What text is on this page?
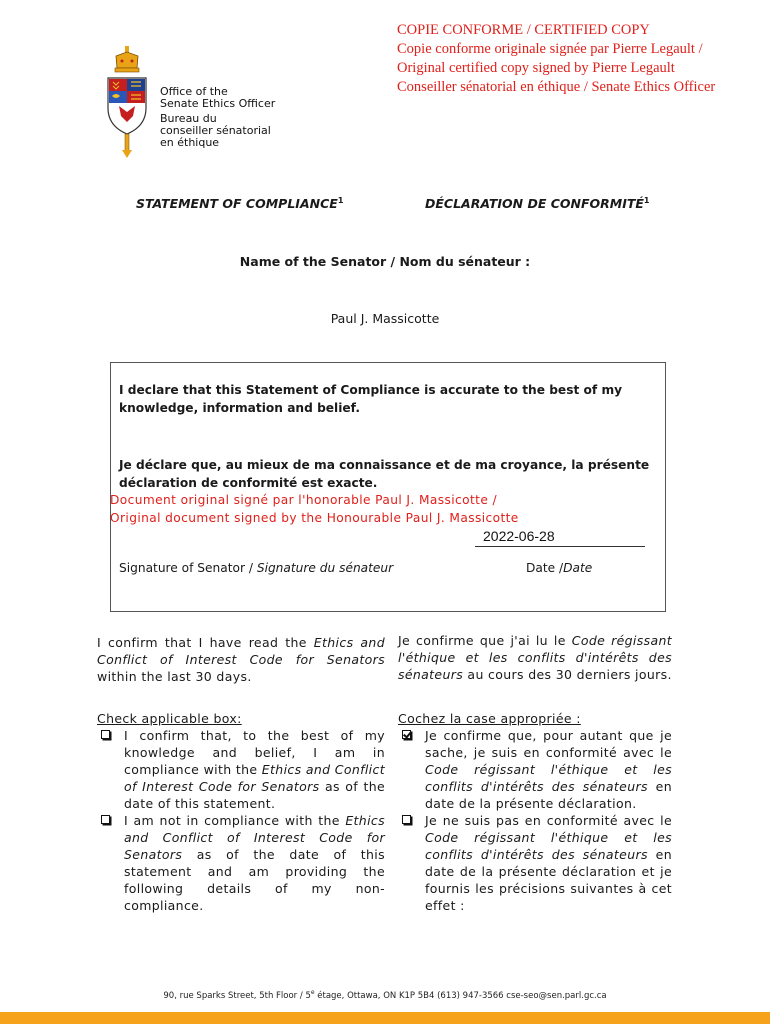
COPIE CONFORME / CERTIFIED COPY
Copie conforme originale signée par Pierre Legault /
Original certified copy signed by Pierre Legault
Conseiller sénatorial en éthique / Senate Ethics Officer
Office of the
Senate Ethics Officer
Bureau du
conseiller sénatorial
en éthique
STATEMENT OF COMPLIANCE$^1$	DÉCLARATION DE CONFORMITÉ$^1$
Name of the Senator / Nom du sénateur :
Paul J. Massicotte
I declare that this Statement of Compliance is accurate to the best of my knowledge, information and belief.
Je déclare que, au mieux de ma connaissance et de ma croyance, la présente déclaration de conformité est exacte.
Document original signé par l'honorable Paul J. Massicotte /
Original document signed by the Honourable Paul J. Massicotte
2022-06-28
Signature of Senator / Signature du sénateur	Date /Date
I confirm that I have read the Ethics and Conflict of Interest Code for Senators within the last 30 days.

Check applicable box:

I confirm that, to the best of my knowledge and belief, I am in compliance with the Ethics and Conflict of Interest Code for Senators as of the date of this statement.

I am not in compliance with the Ethics and Conflict of Interest Code for Senators as of the date of this statement and am providing the following details of my non-compliance.

Je confirme que j'ai lu le Code régissant l'éthique et les conflits d'intérêts des sénateurs au cours des 30 derniers jours.

Cochez la case appropriée :

Je confirme que, pour autant que je sache, je suis en conformité avec le Code régissant l'éthique et les conflits d'intérêts des sénateurs en date de la présente déclaration.

Je ne suis pas en conformité avec le Code régissant l'éthique et les conflits d'intérêts des sénateurs en date de la présente déclaration et je fournis les précisions suivantes à cet effet :

90, rue Sparks Street, 5th Floor / 5e étage, Ottawa, ON K1P 5B4 (613) 947-3566 cse-seo@sen.parl.gc.ca
